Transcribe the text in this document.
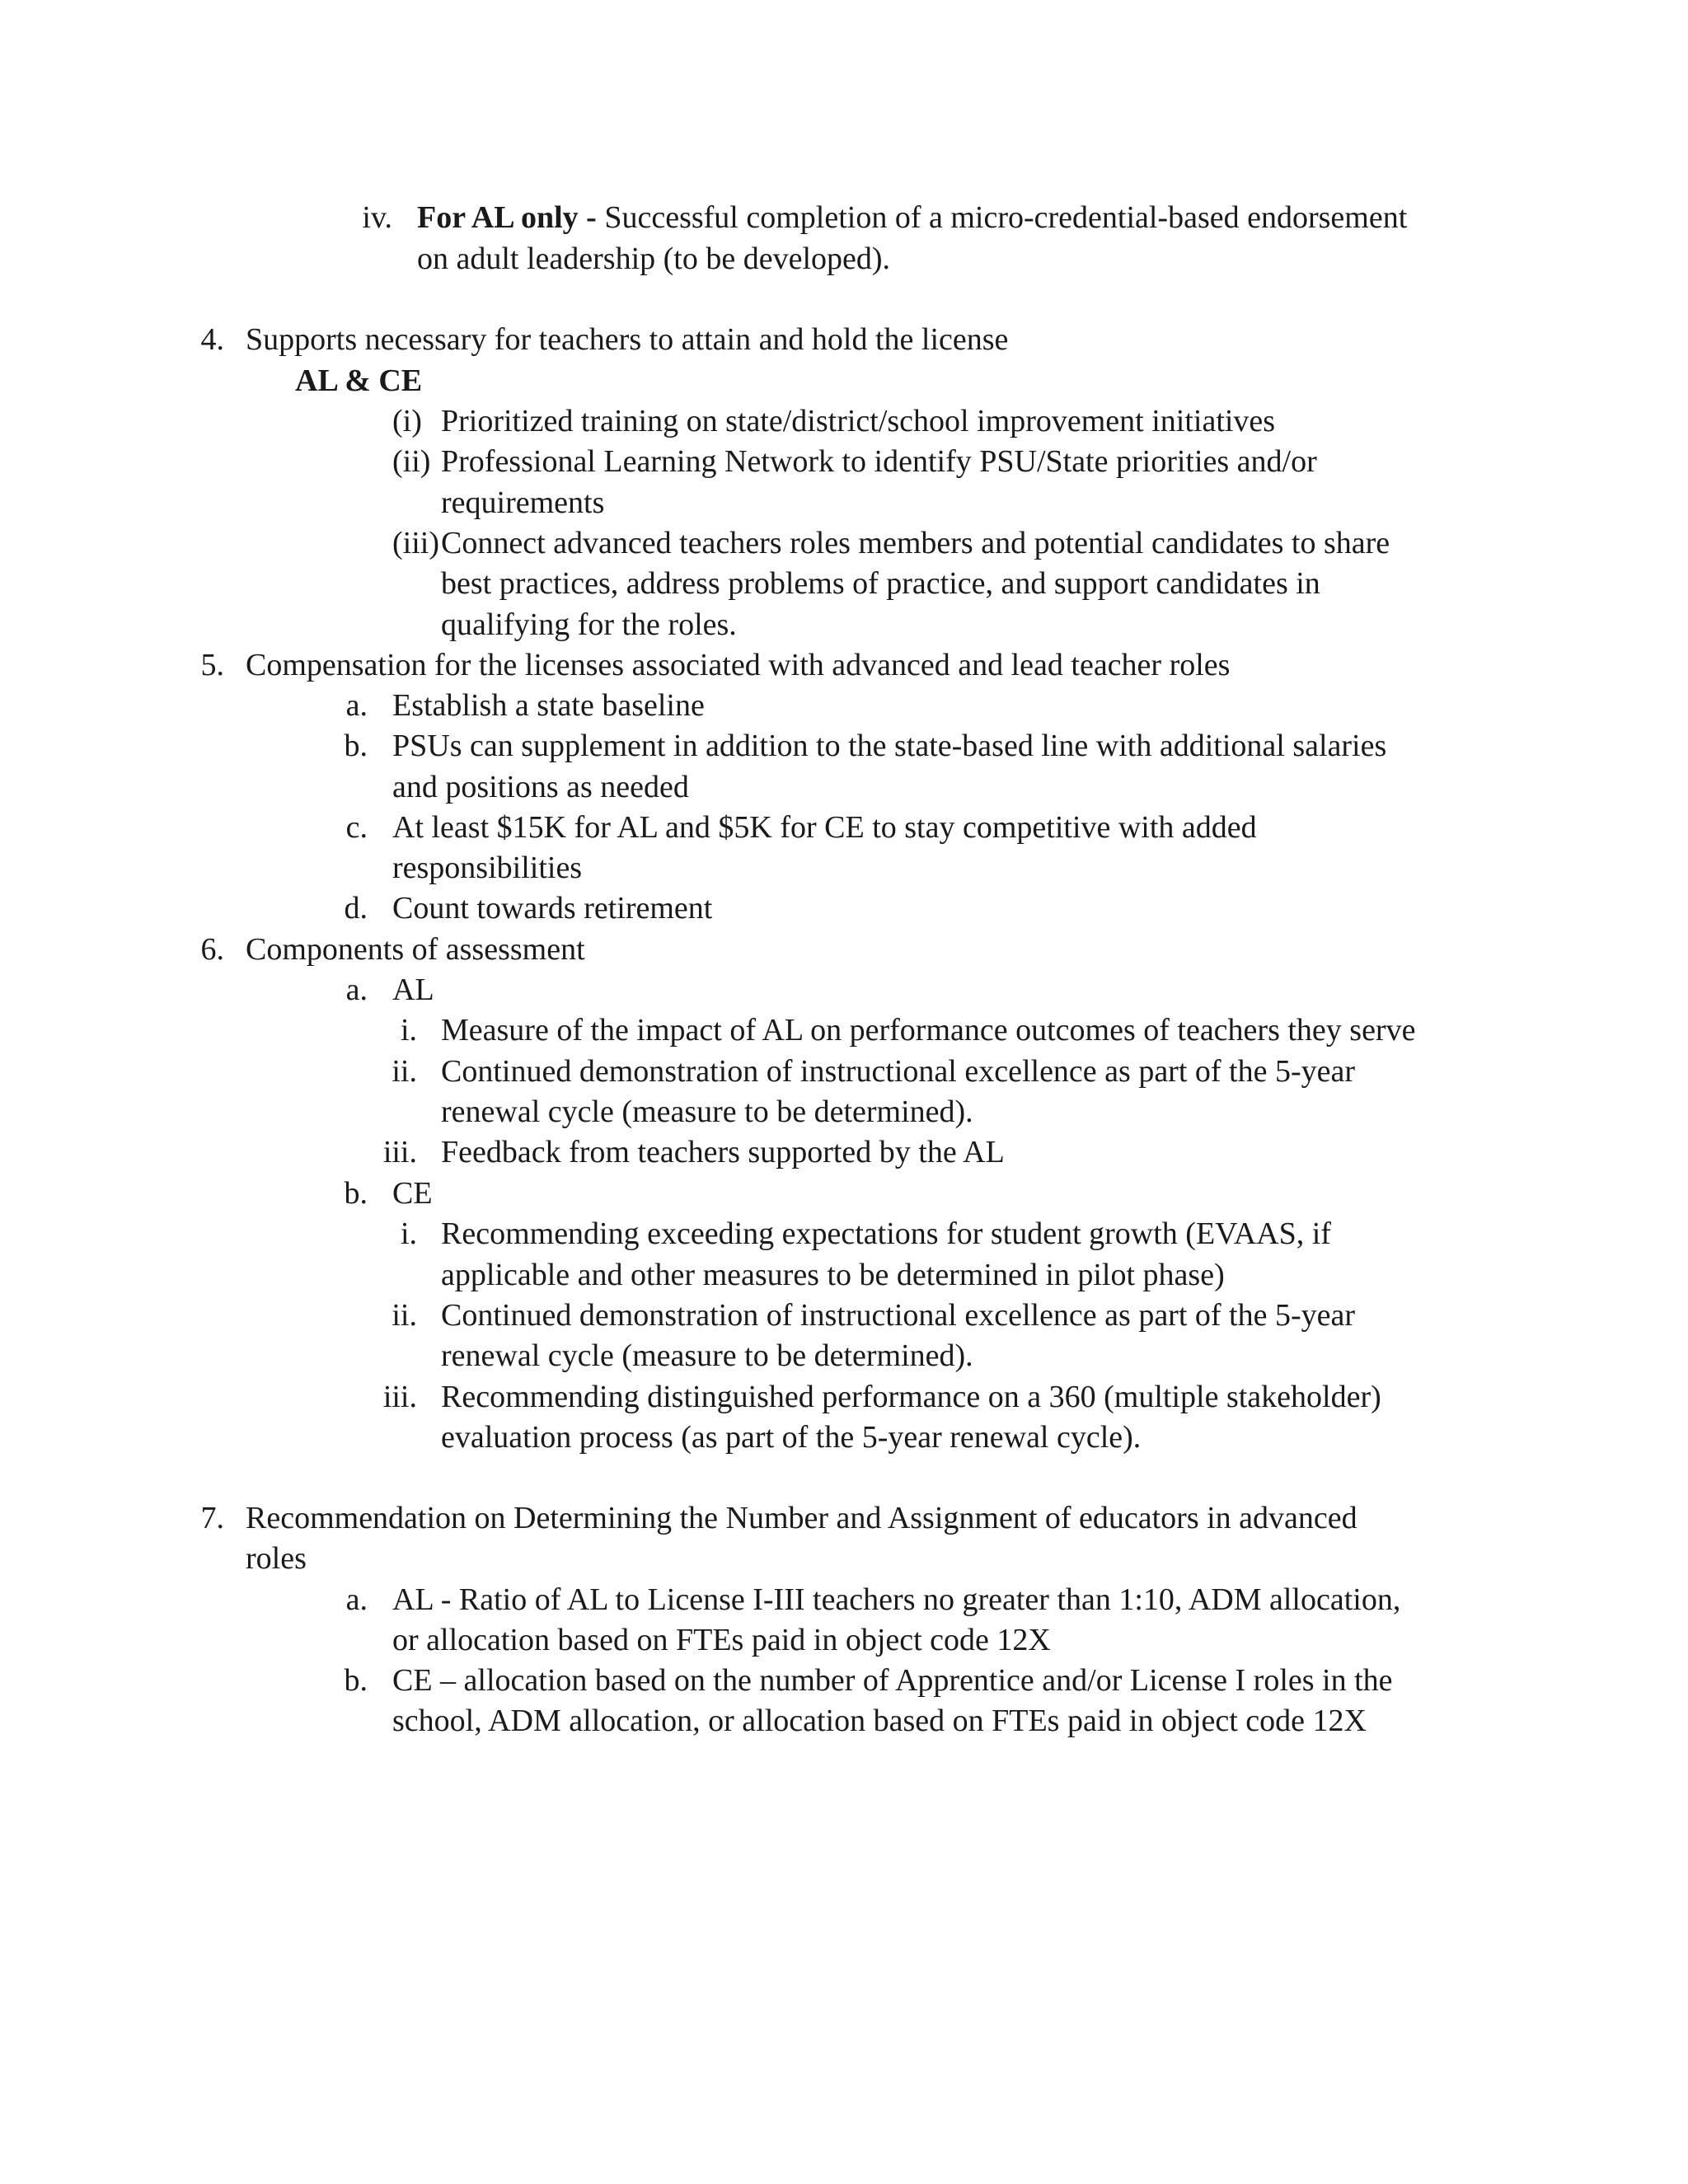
iv. For AL only - Successful completion of a micro-credential-based endorsement
on adult leadership (to be developed).
4. Supports necessary for teachers to attain and hold the license
AL & CE
(i) Prioritized training on state/district/school improvement initiatives
(ii) Professional Learning Network to identify PSU/State priorities and/or
requirements
(iii) Connect advanced teachers roles members and potential candidates to share
best practices, address problems of practice, and support candidates in
qualifying for the roles.
5. Compensation for the licenses associated with advanced and lead teacher roles
a. Establish a state baseline
b. PSUs can supplement in addition to the state-based line with additional salaries
and positions as needed
c. At least $15K for AL and $5K for CE to stay competitive with added
responsibilities
d. Count towards retirement
6. Components of assessment
a. AL
i. Measure of the impact of AL on performance outcomes of teachers they serve
ii. Continued demonstration of instructional excellence as part of the 5-year
renewal cycle (measure to be determined).
iii. Feedback from teachers supported by the AL
b. CE
i. Recommending exceeding expectations for student growth (EVAAS, if
applicable and other measures to be determined in pilot phase)
ii. Continued demonstration of instructional excellence as part of the 5-year
renewal cycle (measure to be determined).
iii. Recommending distinguished performance on a 360 (multiple stakeholder)
evaluation process (as part of the 5-year renewal cycle).
7. Recommendation on Determining the Number and Assignment of educators in advanced
roles
a. AL - Ratio of AL to License I-III teachers no greater than 1:10, ADM allocation,
or allocation based on FTEs paid in object code 12X
b. CE – allocation based on the number of Apprentice and/or License I roles in the
school, ADM allocation, or allocation based on FTEs paid in object code 12X
